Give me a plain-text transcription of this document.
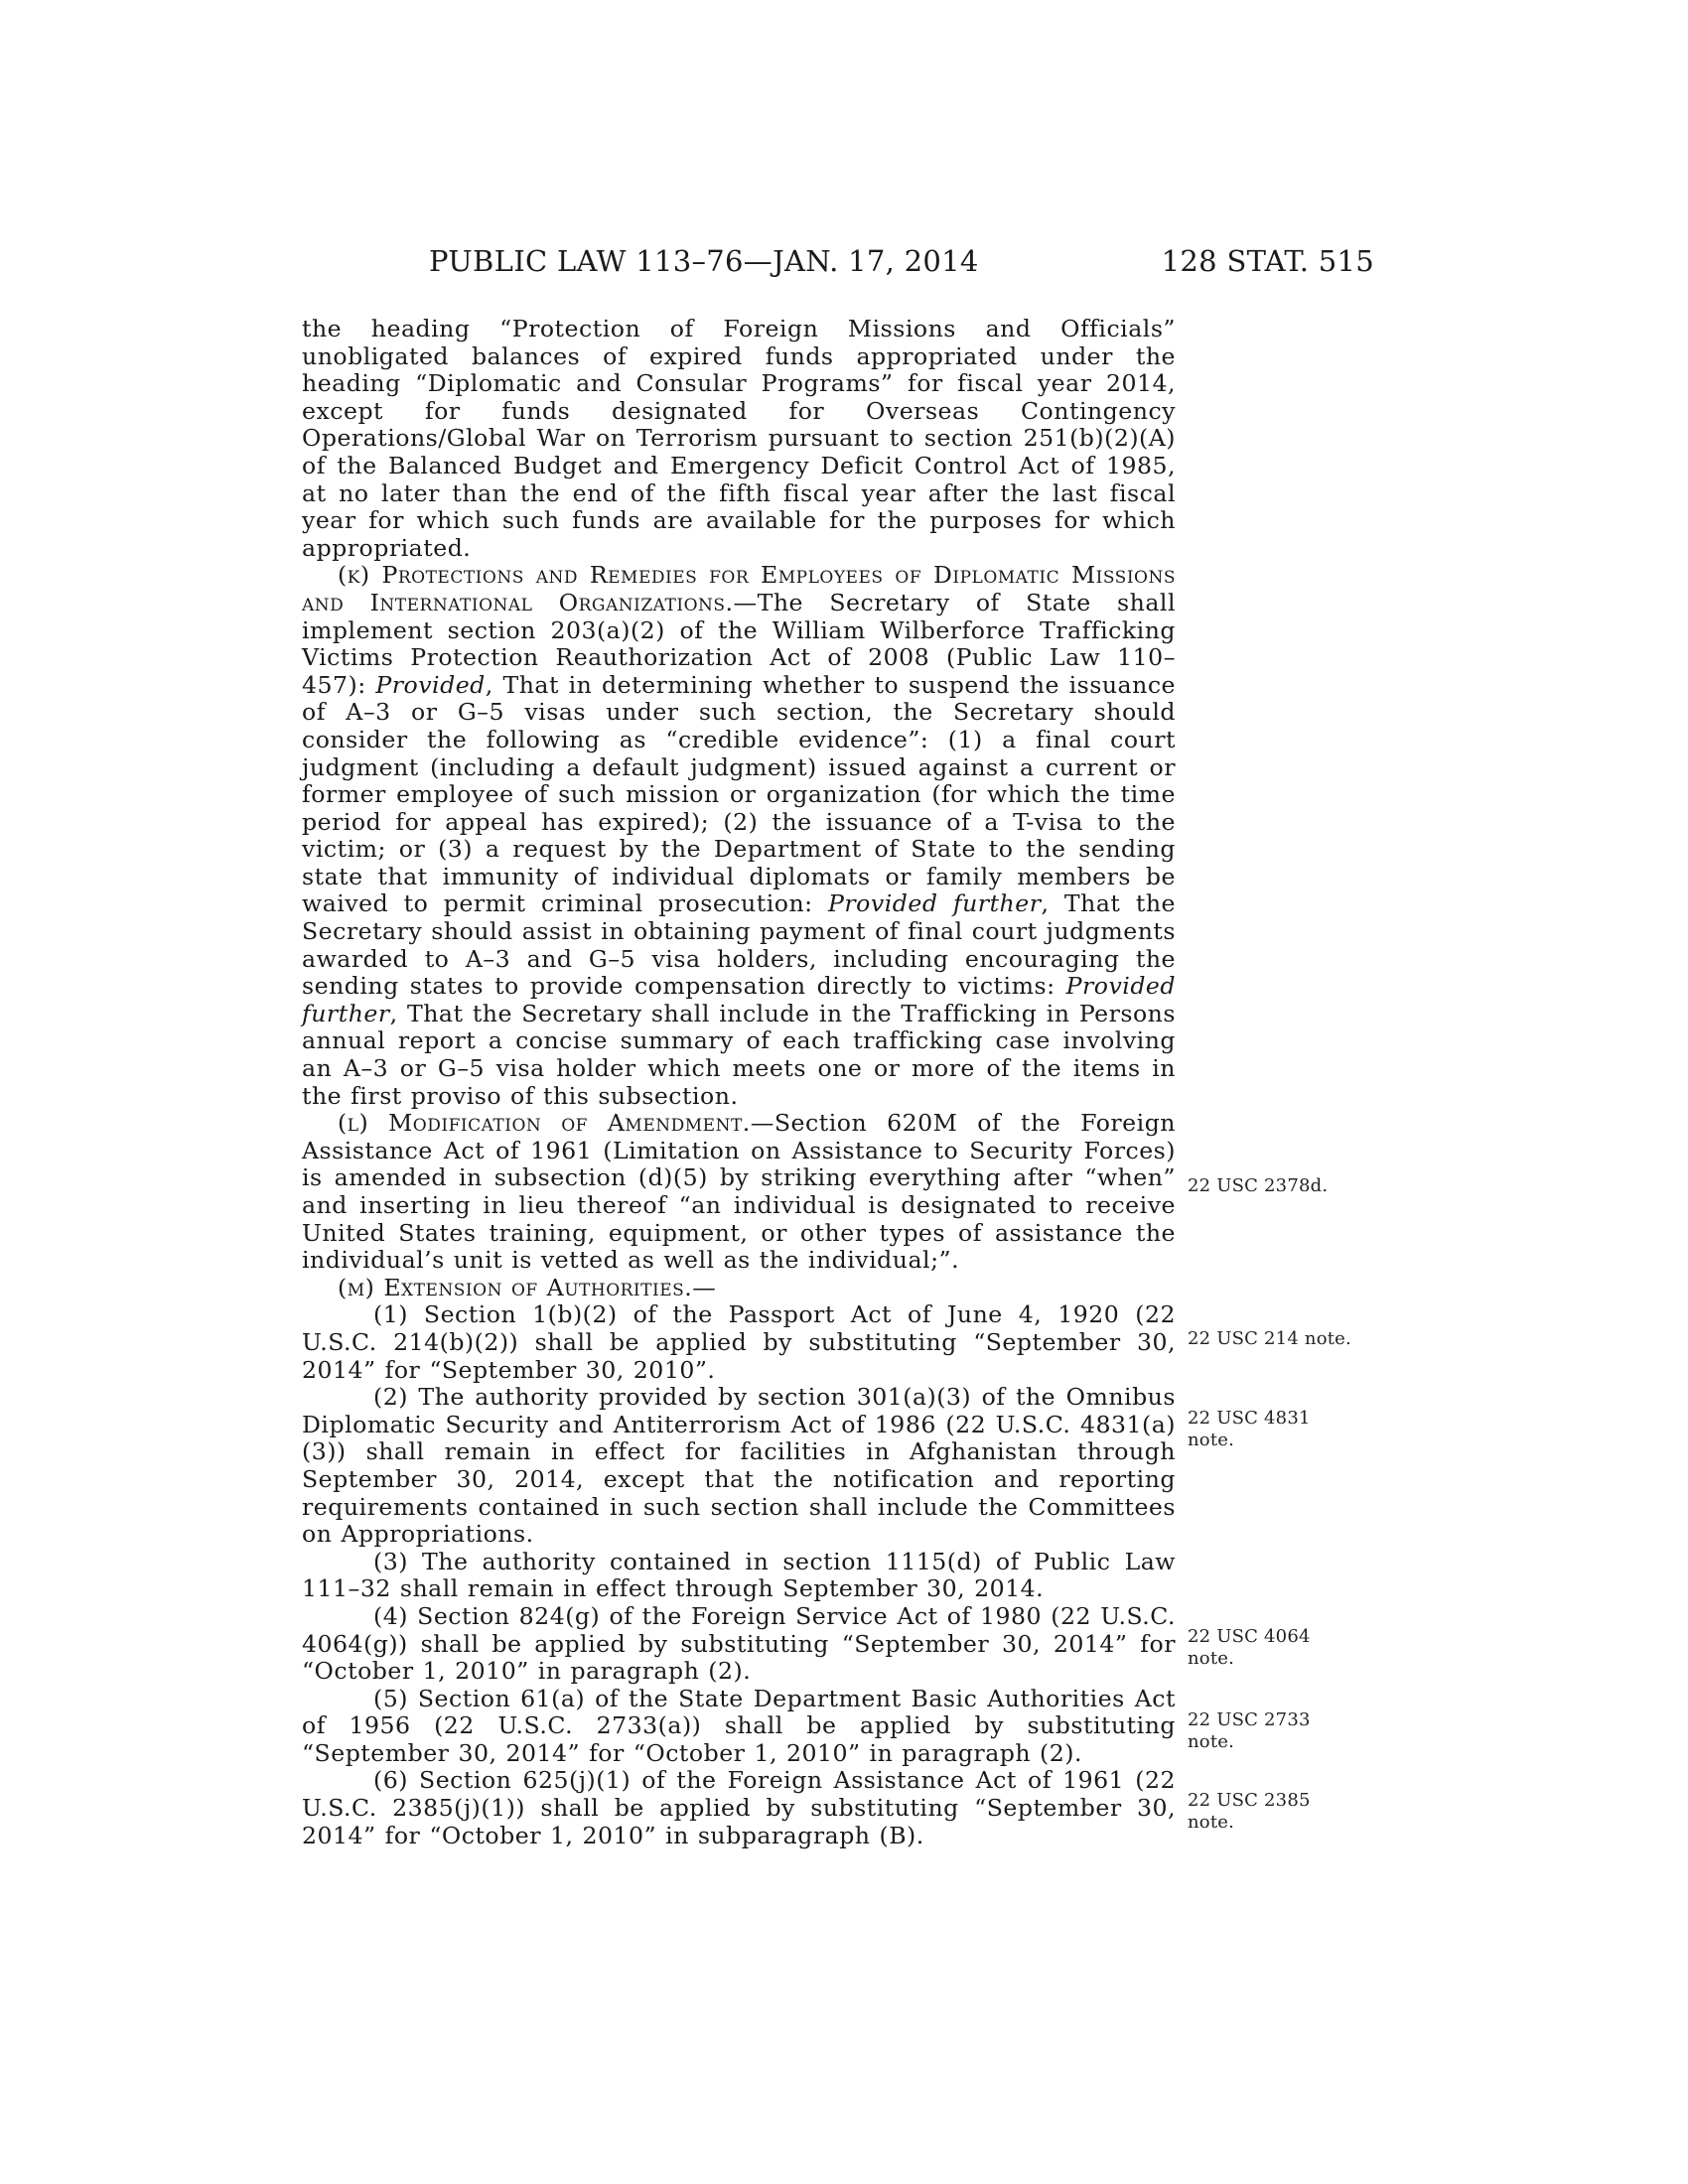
PUBLIC LAW 113–76—JAN. 17, 2014	128 STAT. 515

the heading “Protection of Foreign Missions and Officials” unobligated balances of expired funds appropriated under the heading “Diplomatic and Consular Programs” for fiscal year 2014, except for funds designated for Overseas Contingency Operations/Global War on Terrorism pursuant to section 251(b)(2)(A) of the Balanced Budget and Emergency Deficit Control Act of 1985, at no later than the end of the fifth fiscal year after the last fiscal year for which such funds are available for the purposes for which appropriated.

(k) Protections and Remedies for Employees of Diplomatic Missions and International Organizations.—The Secretary of State shall implement section 203(a)(2) of the William Wilberforce Trafficking Victims Protection Reauthorization Act of 2008 (Public Law 110–457): Provided, That in determining whether to suspend the issuance of A–3 or G–5 visas under such section, the Secretary should consider the following as “credible evidence”: (1) a final court judgment (including a default judgment) issued against a current or former employee of such mission or organization (for which the time period for appeal has expired); (2) the issuance of a T-visa to the victim; or (3) a request by the Department of State to the sending state that immunity of individual diplomats or family members be waived to permit criminal prosecution: Provided further, That the Secretary should assist in obtaining payment of final court judgments awarded to A–3 and G–5 visa holders, including encouraging the sending states to provide compensation directly to victims: Provided further, That the Secretary shall include in the Trafficking in Persons annual report a concise summary of each trafficking case involving an A–3 or G–5 visa holder which meets one or more of the items in the first proviso of this subsection.

(l) Modification of Amendment.—Section 620M of the Foreign Assistance Act of 1961 (Limitation on Assistance to Security Forces) is amended in subsection (d)(5) by striking everything after “when” and inserting in lieu thereof “an individual is designated to receive United States training, equipment, or other types of assistance the individual’s unit is vetted as well as the individual;”.

(m) Extension of Authorities.—

(1) Section 1(b)(2) of the Passport Act of June 4, 1920 (22 U.S.C. 214(b)(2)) shall be applied by substituting “September 30, 2014” for “September 30, 2010”.

(2) The authority provided by section 301(a)(3) of the Omnibus Diplomatic Security and Antiterrorism Act of 1986 (22 U.S.C. 4831(a)(3)) shall remain in effect for facilities in Afghanistan through September 30, 2014, except that the notification and reporting requirements contained in such section shall include the Committees on Appropriations.

(3) The authority contained in section 1115(d) of Public Law 111–32 shall remain in effect through September 30, 2014.

(4) Section 824(g) of the Foreign Service Act of 1980 (22 U.S.C. 4064(g)) shall be applied by substituting “September 30, 2014” for “October 1, 2010” in paragraph (2).

(5) Section 61(a) of the State Department Basic Authorities Act of 1956 (22 U.S.C. 2733(a)) shall be applied by substituting “September 30, 2014” for “October 1, 2010” in paragraph (2).

(6) Section 625(j)(1) of the Foreign Assistance Act of 1961 (22 U.S.C. 2385(j)(1)) shall be applied by substituting “September 30, 2014” for “October 1, 2010” in subparagraph (B).

22 USC 2378d.
22 USC 214 note.
22 USC 4831 note.
22 USC 4064 note.
22 USC 2733 note.
22 USC 2385 note.
